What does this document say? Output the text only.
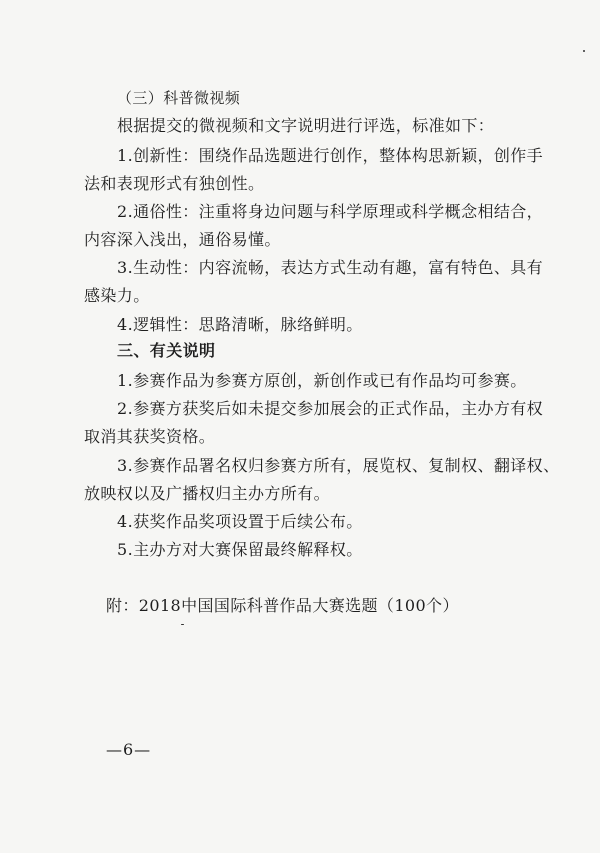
（三）科普微视频
根据提交的微视频和文字说明进行评选，标准如下：
1.创新性：围绕作品选题进行创作，整体构思新颖，创作手
法和表现形式有独创性。
2.通俗性：注重将身边问题与科学原理或科学概念相结合，
内容深入浅出，通俗易懂。
3.生动性：内容流畅，表达方式生动有趣，富有特色、具有
感染力。
4.逻辑性：思路清晰，脉络鲜明。
三、有关说明
1.参赛作品为参赛方原创，新创作或已有作品均可参赛。
2.参赛方获奖后如未提交参加展会的正式作品，主办方有权
取消其获奖资格。
3.参赛作品署名权归参赛方所有，展览权、复制权、翻译权、
放映权以及广播权归主办方所有。
4.获奖作品奖项设置于后续公布。
5.主办方对大赛保留最终解释权。
附：2018中国国际科普作品大赛选题（100个）
—6—
